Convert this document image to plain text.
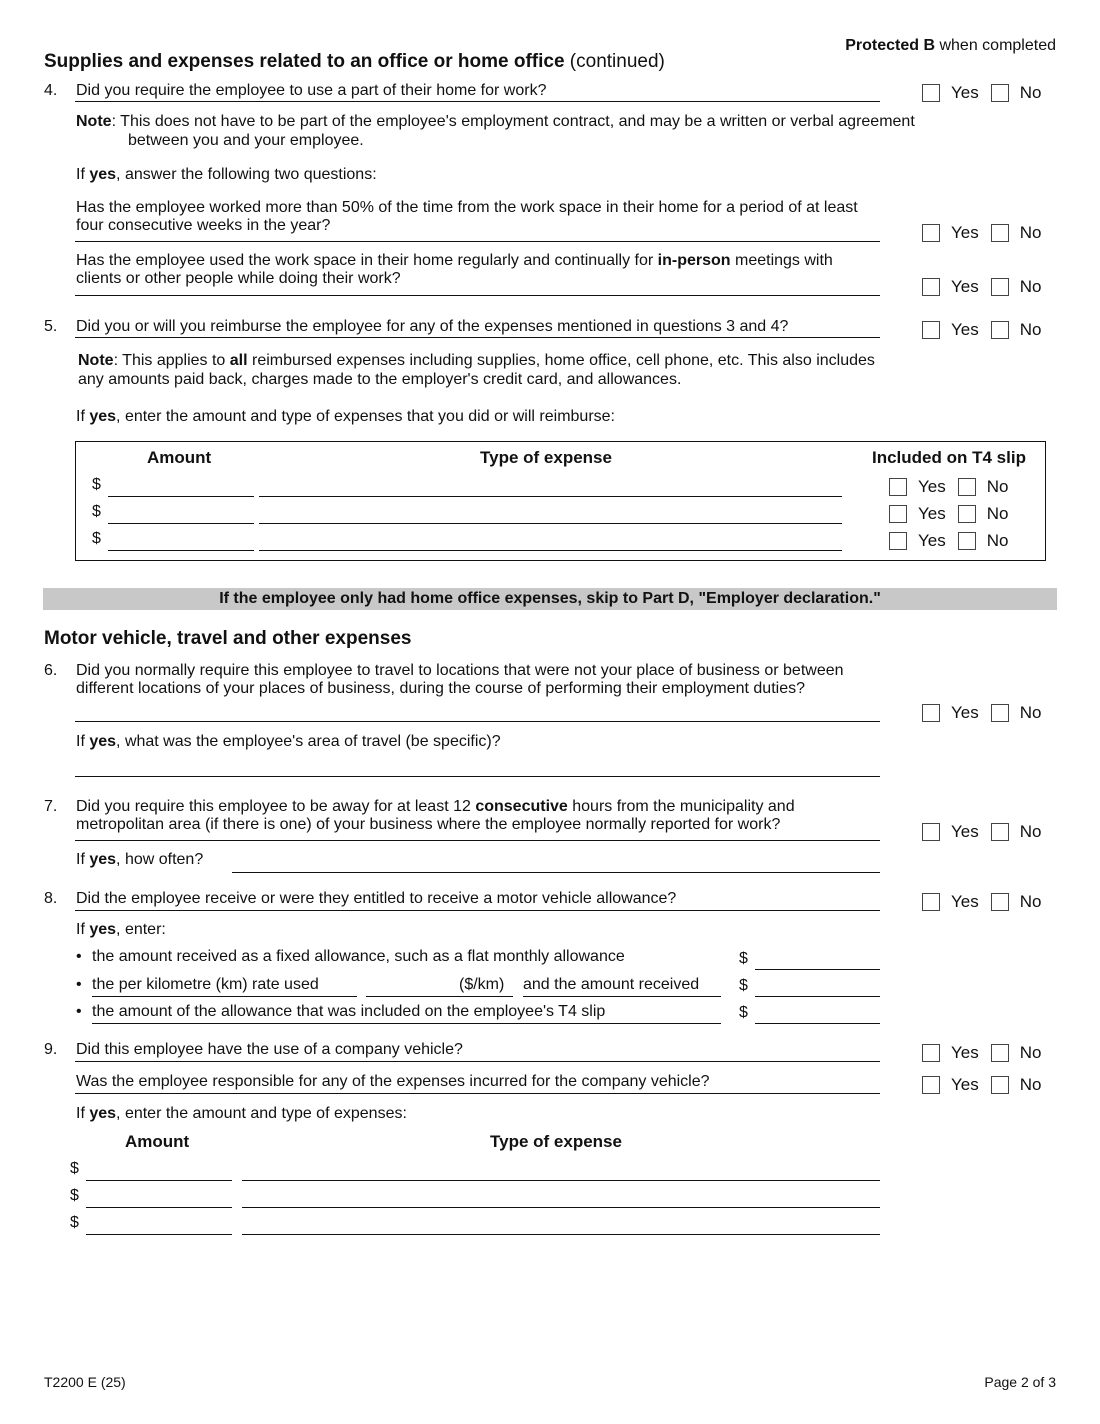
Protected B when completed
Supplies and expenses related to an office or home office (continued)
4. Did you require the employee to use a part of their home for work?	Yes No
Note: This does not have to be part of the employee's employment contract, and may be a written or verbal agreement between you and your employee.
If yes, answer the following two questions:
Has the employee worked more than 50% of the time from the work space in their home for a period of at least four consecutive weeks in the year?	Yes No
Has the employee used the work space in their home regularly and continually for in-person meetings with clients or other people while doing their work?	Yes No
5. Did you or will you reimburse the employee for any of the expenses mentioned in questions 3 and 4?	Yes No
Note: This applies to all reimbursed expenses including supplies, home office, cell phone, etc. This also includes any amounts paid back, charges made to the employer's credit card, and allowances.
If yes, enter the amount and type of expenses that you did or will reimburse:
Amount	Type of expense	Included on T4 slip
$	Yes No
$	Yes No
$	Yes No
If the employee only had home office expenses, skip to Part D, "Employer declaration."
Motor vehicle, travel and other expenses
6. Did you normally require this employee to travel to locations that were not your place of business or between different locations of your places of business, during the course of performing their employment duties?
Yes No
If yes, what was the employee's area of travel (be specific)?
7. Did you require this employee to be away for at least 12 consecutive hours from the municipality and metropolitan area (if there is one) of your business where the employee normally reported for work?	Yes No
If yes, how often?
8. Did the employee receive or were they entitled to receive a motor vehicle allowance?	Yes No
If yes, enter:
• the amount received as a fixed allowance, such as a flat monthly allowance	$
• the per kilometre (km) rate used	($/km) and the amount received $
• the amount of the allowance that was included on the employee's T4 slip	$
9. Did this employee have the use of a company vehicle?	Yes No
Was the employee responsible for any of the expenses incurred for the company vehicle?	Yes No
If yes, enter the amount and type of expenses:
Amount	Type of expense
$
$
$
T2200 E (25)	Page 2 of 3
